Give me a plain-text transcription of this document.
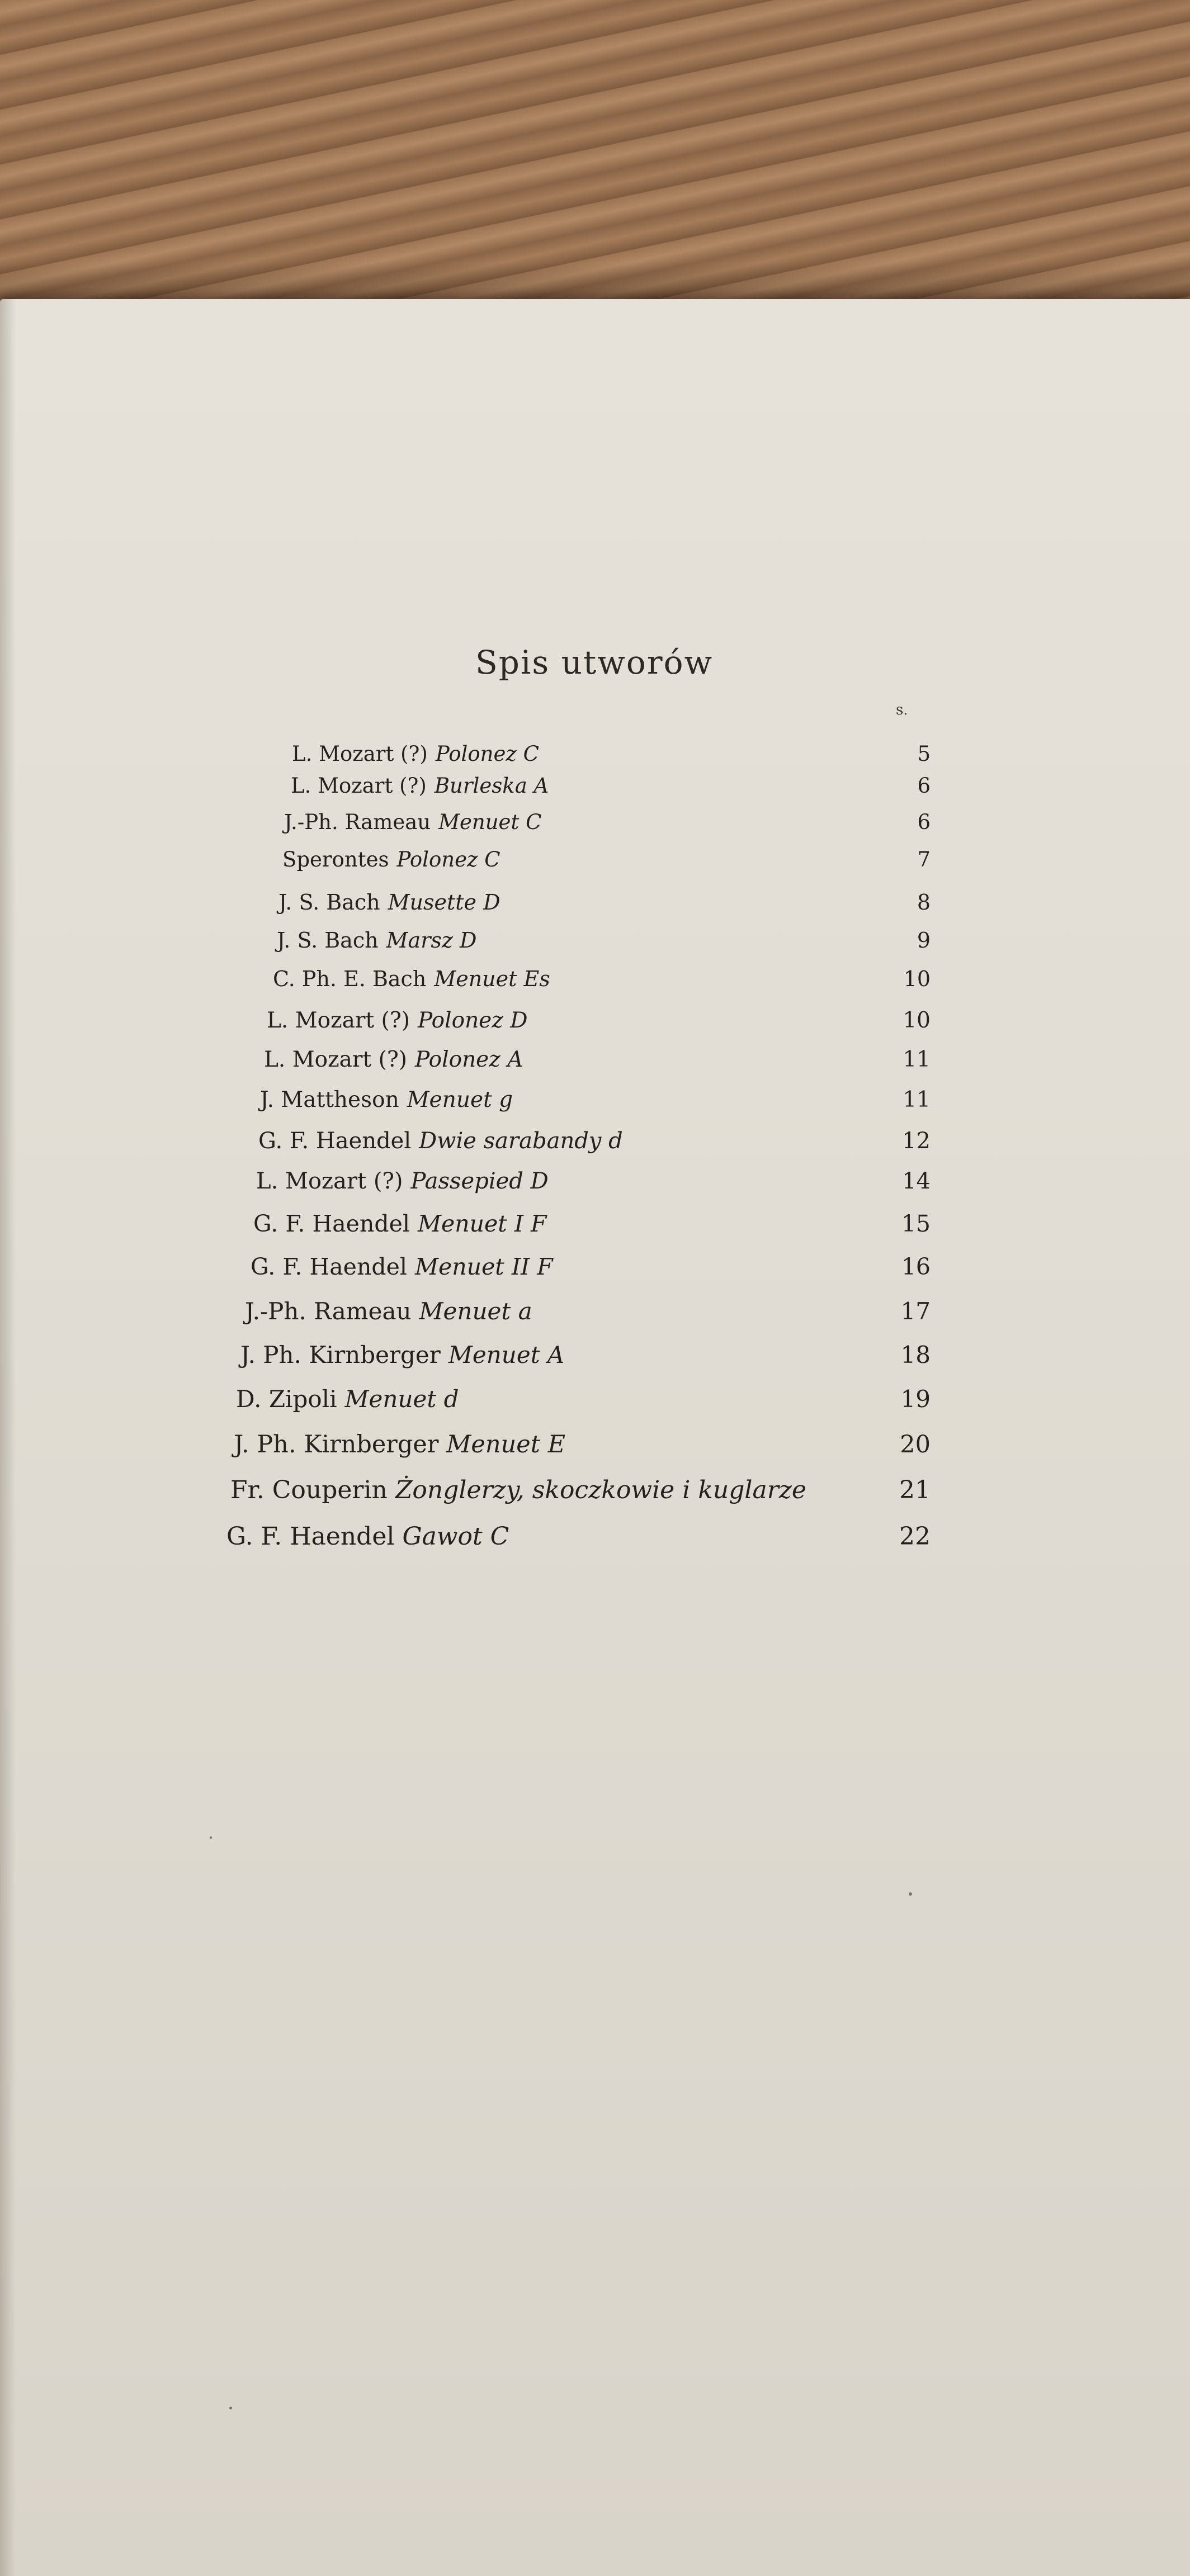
Spis utworów
s.
L. Mozart (?) Polonez C	5
L. Mozart (?) Burleska A	6
J.-Ph. Rameau Menuet C	6
Sperontes Polonez C	7
J. S. Bach Musette D	8
J. S. Bach Marsz D	9
C. Ph. E. Bach Menuet Es	10
L. Mozart (?) Polonez D	10
L. Mozart (?) Polonez A	11
J. Mattheson Menuet g	11
G. F. Haendel Dwie sarabandy d	12
L. Mozart (?) Passepied D	14
G. F. Haendel Menuet I F	15
G. F. Haendel Menuet II F	16
J.-Ph. Rameau Menuet a	17
J. Ph. Kirnberger Menuet A	18
D. Zipoli Menuet d	19
J. Ph. Kirnberger Menuet E	20
Fr. Couperin Żonglerzy, skoczkowie i kuglarze	21
G. F. Haendel Gawot C	22
